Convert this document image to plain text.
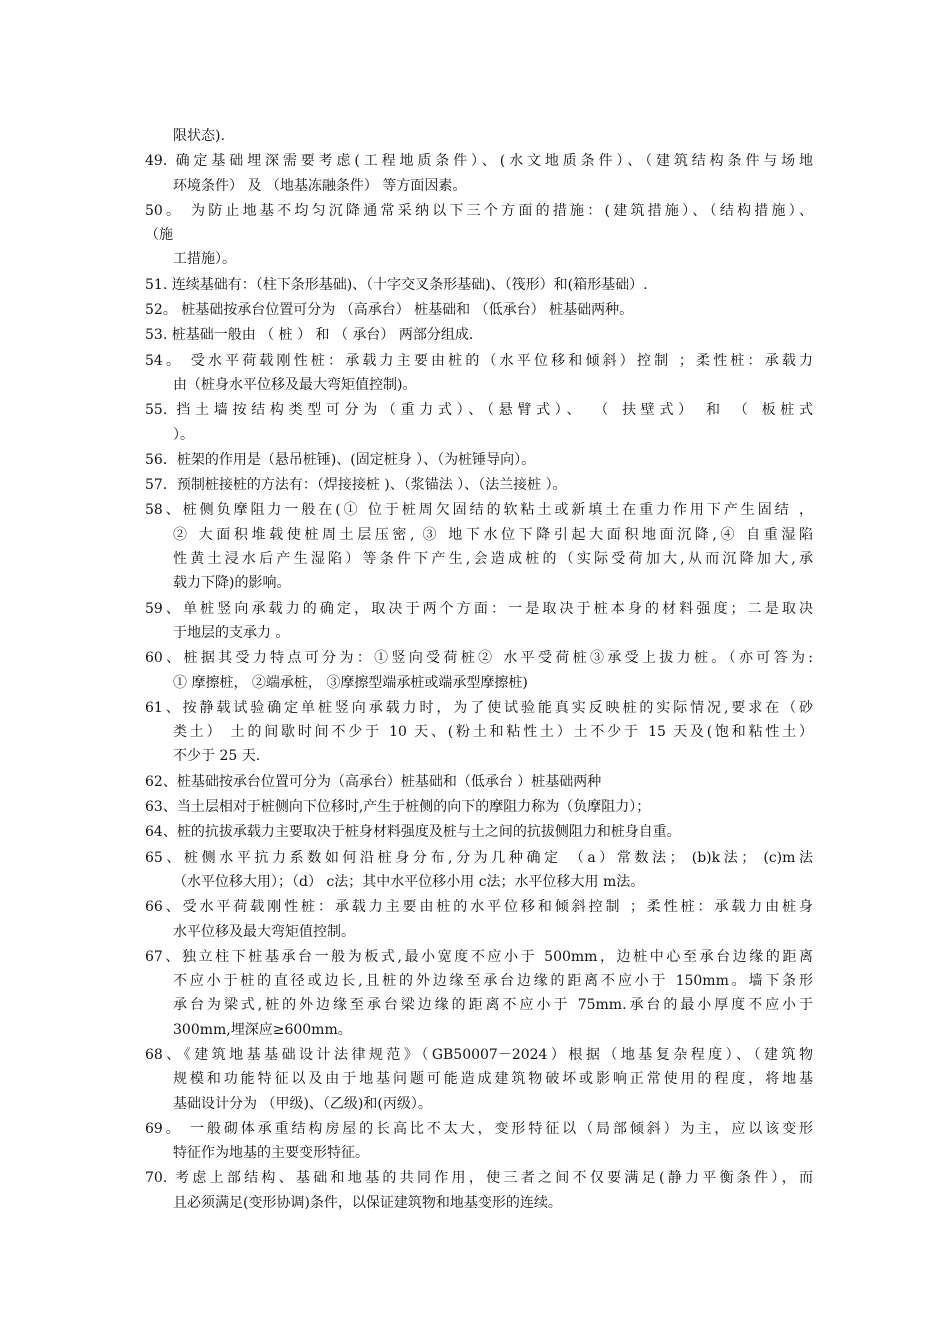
限状态).
49. 确定基础埋深需要考虑(工程地质条件）、(水文地质条件）、（建筑结构条件与场地
环境条件） 及 （地基冻融条件） 等方面因素。
50。 为防止地基不均匀沉降通常采纳以下三个方面的措施：(建筑措施）、（结构措施）、
（施
工措施）。
51. 连续基础有：（柱下条形基础)、（十字交叉条形基础)、（筏形）和(箱形基础）.
52。 桩基础按承台位置可分为 （高承台） 桩基础和 （低承台） 桩基础两种。
53. 桩基础一般由 （ 桩 ） 和 （ 承台） 两部分组成.
54。 受水平荷载刚性桩：承载力主要由桩的（水平位移和倾斜）控制 ；柔性桩：承载力
由（桩身水平位移及最大弯矩值控制)。
55. 挡土墙按结构类型可分为（重力式）、（悬臂式）、 （ 扶壁式） 和 （ 板桩式
）。
56．桩架的作用是（悬吊桩锤)、(固定桩身 ）、（为桩锤导向）。
57．预制桩接桩的方法有：（焊接接桩 )、（浆锚法 ）、（法兰接桩 ）。
58、桩侧负摩阻力一般在(① 位于桩周欠固结的软粘土或新填土在重力作用下产生固结 ，
② 大面积堆载使桩周土层压密, ③ 地下水位下降引起大面积地面沉降,④ 自重湿陷
性黄土浸水后产生湿陷）等条件下产生,会造成桩的（实际受荷加大,从而沉降加大,承
载力下降)的影响。
59、单桩竖向承载力的确定，取决于两个方面：一是取决于桩本身的材料强度；二是取决
于地层的支承力 。
60、桩据其受力特点可分为：①竖向受荷桩② 水平受荷桩③承受上拔力桩。（亦可答为:
① 摩擦桩， ②端承桩， ③摩擦型端承桩或端承型摩擦桩)
61、按静载试验确定单桩竖向承载力时，为了使试验能真实反映桩的实际情况,要求在（砂
类土） 土的间歇时间不少于 10 天、(粉土和粘性土）土不少于 15 天及(饱和粘性土）
不少于 25 天.
62、桩基础按承台位置可分为（高承台）桩基础和（低承台 ）桩基础两种
63、当土层相对于桩侧向下位移时,产生于桩侧的向下的摩阻力称为（负摩阻力）；
64、桩的抗拔承载力主要取决于桩身材料强度及桩与土之间的抗拔侧阻力和桩身自重。
65、桩侧水平抗力系数如何沿桩身分布,分为几种确定 （a）常数法； (b)k法； (c)m法
（水平位移大用）；（d） c法；其中水平位移小用 c法；水平位移大用 m法。
66、受水平荷载刚性桩：承载力主要由桩的水平位移和倾斜控制 ；柔性桩：承载力由桩身
水平位移及最大弯矩值控制。
67、独立柱下桩基承台一般为板式,最小宽度不应小于 500mm，边桩中心至承台边缘的距离
不应小于桩的直径或边长,且桩的外边缘至承台边缘的距离不应小于 150mm。墙下条形
承台为梁式,桩的外边缘至承台梁边缘的距离不应小于 75mm.承台的最小厚度不应小于
300mm,埋深应≥600mm。
68、《建筑地基基础设计法律规范》（GB50007－2024）根据（地基复杂程度）、（建筑物
规模和功能特征以及由于地基问题可能造成建筑物破坏或影响正常使用的程度，将地基
基础设计分为 （甲级)、（乙级)和(丙级）。
69。 一般砌体承重结构房屋的长高比不太大，变形特征以（局部倾斜）为主，应以该变形
特征作为地基的主要变形特征。
70. 考虑上部结构、基础和地基的共同作用，使三者之间不仅要满足(静力平衡条件），而
且必须满足(变形协调)条件，以保证建筑物和地基变形的连续。
